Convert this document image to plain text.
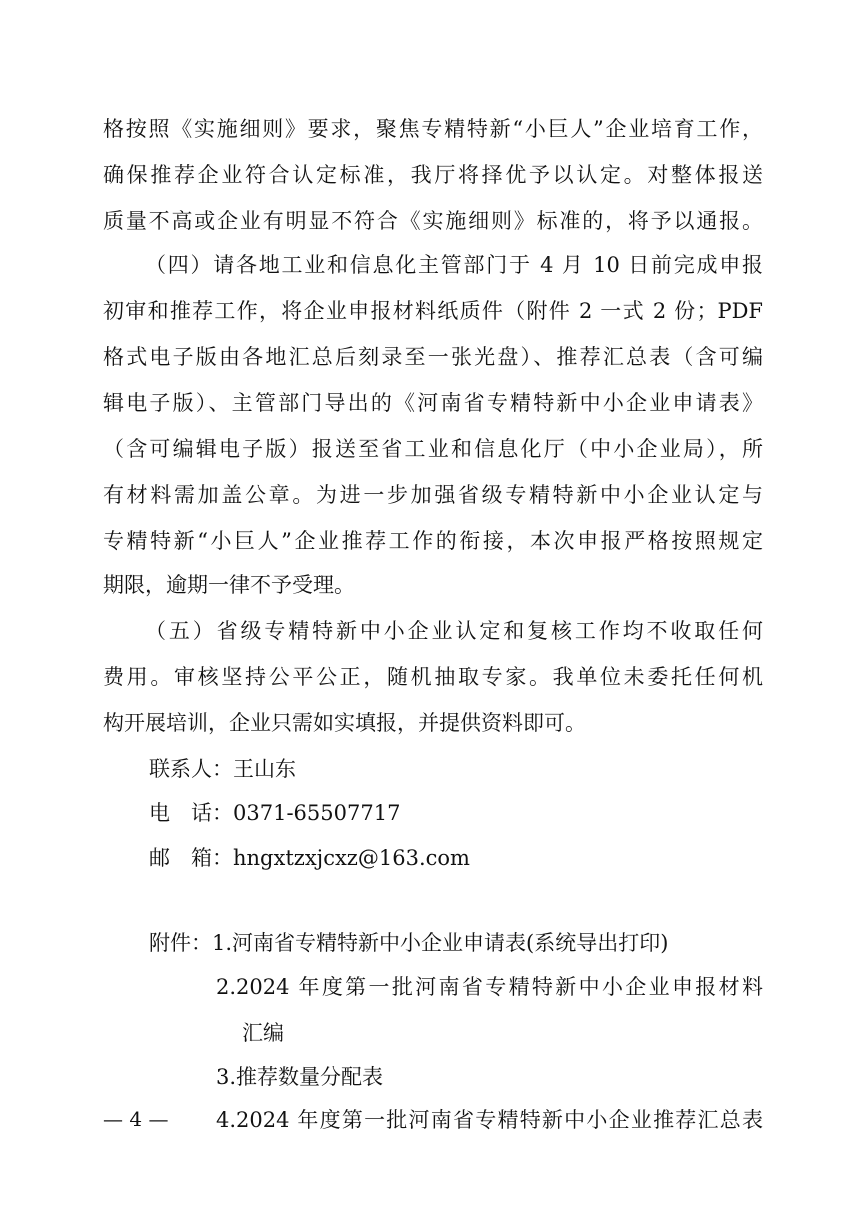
格按照《实施细则》要求，聚焦专精特新“小巨人”企业培育工作，
确保推荐企业符合认定标准，我厅将择优予以认定。对整体报送
质量不高或企业有明显不符合《实施细则》标准的，将予以通报。
（四）请各地工业和信息化主管部门于 4 月 10 日前完成申报
初审和推荐工作，将企业申报材料纸质件（附件 2 一式 2 份；PDF
格式电子版由各地汇总后刻录至一张光盘）、推荐汇总表（含可编
辑电子版）、主管部门导出的《河南省专精特新中小企业申请表》
（含可编辑电子版）报送至省工业和信息化厅（中小企业局），所
有材料需加盖公章。为进一步加强省级专精特新中小企业认定与
专精特新“小巨人”企业推荐工作的衔接，本次申报严格按照规定
期限，逾期一律不予受理。
（五）省级专精特新中小企业认定和复核工作均不收取任何
费用。审核坚持公平公正，随机抽取专家。我单位未委托任何机
构开展培训，企业只需如实填报，并提供资料即可。
联系人：王山东
电　话：0371-65507717
邮　箱：hngxtzxjcxz@163.com
附件：1.河南省专精特新中小企业申请表(系统导出打印)
2.2024 年度第一批河南省专精特新中小企业申报材料
汇编
3.推荐数量分配表
4.2024 年度第一批河南省专精特新中小企业推荐汇总表
— 4 —
